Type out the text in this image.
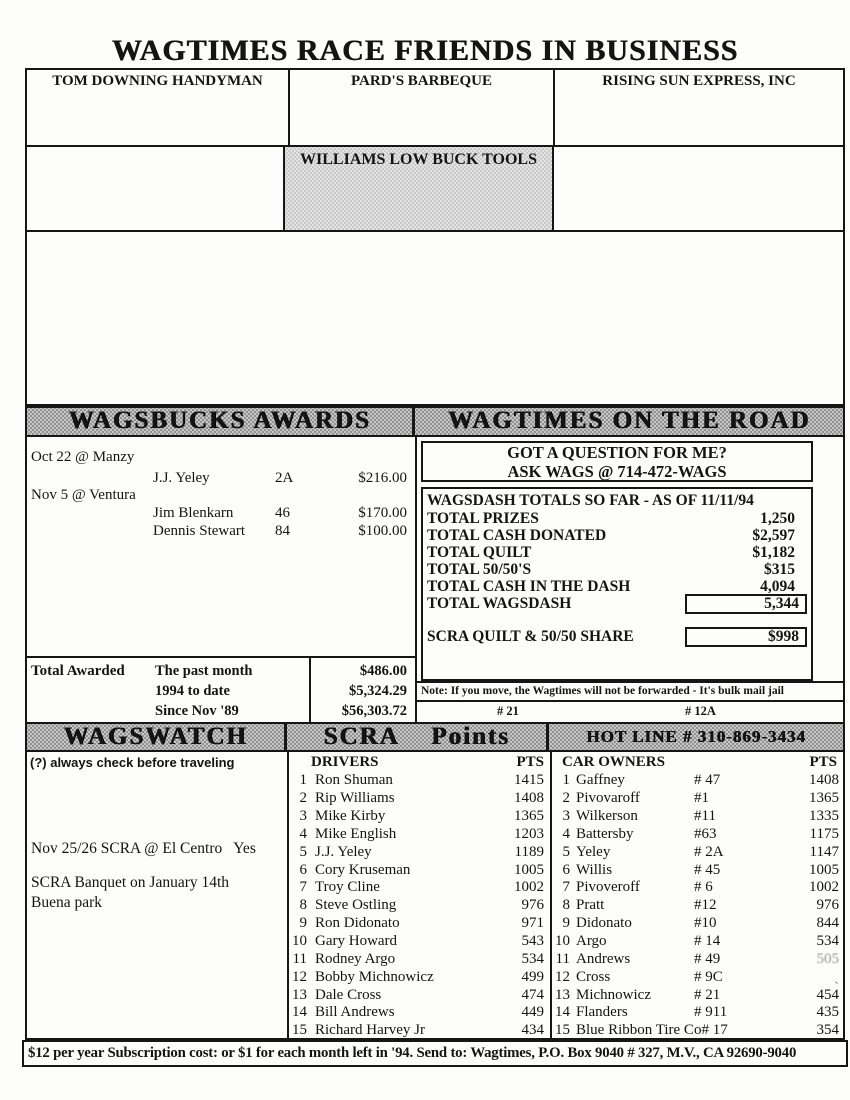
WAGTIMES RACE FRIENDS IN BUSINESS
TOM DOWNING HANDYMAN	PARD'S BARBEQUE	RISING SUN EXPRESS, INC
WILLIAMS LOW BUCK TOOLS
WAGSBUCKS AWARDS	WAGTIMES ON THE ROAD
Oct 22 @ Manzy
J.J. Yeley	2A	$216.00
Nov 5 @ Ventura
Jim Blenkarn	46	$170.00
Dennis Stewart 84	$100.00
Total Awarded The past month	$486.00
1994 to date	$5,324.29
Since Nov '89	$56,303.72
GOT A QUESTION FOR ME?
ASK WAGS @ 714-472-WAGS
WAGSDASH TOTALS SO FAR - AS OF 11/11/94
TOTAL PRIZES	1,250
TOTAL CASH DONATED	$2,597
TOTAL QUILT	$1,182
TOTAL 50/50'S	$315
TOTAL CASH IN THE DASH	4,094
TOTAL WAGSDASH	5,344
SCRA QUILT & 50/50 SHARE	$998
Note: If you move, the Wagtimes will not be forwarded - It's bulk mail jail
# 21	# 12A
WAGSWATCH	SCRA    Points	HOT LINE # 310-869-3434
(?) always check before traveling
Nov 25/26 SCRA @ El Centro   Yes
SCRA Banquet on January 14th
Buena park
DRIVERS	PTS
1 Ron Shuman	1415
2 Rip Williams	1408
3 Mike Kirby	1365
4 Mike English	1203
5 J.J. Yeley	1189
6 Cory Kruseman	1005
7 Troy Cline	1002
8 Steve Ostling	976
9 Ron Didonato	971
10 Gary Howard	543
11 Rodney Argo	534
12 Bobby Michnowicz	499
13 Dale Cross	474
14 Bill Andrews	449
15 Richard Harvey Jr	434
CAR OWNERS	PTS
1 Gaffney	# 47	1408
2 Pivovaroff	#1	1365
3 Wilkerson	#11	1335
4 Battersby	#63	1175
5 Yeley	# 2A	1147
6 Willis	# 45	1005
7 Pivoveroff	# 6	1002
8 Pratt	#12	976
9 Didonato	#10	844
10 Argo	# 14	534
11 Andrews	# 49	505
12 Cross	# 9C
ˎ
13 Michnowicz	# 21	454
14 Flanders	# 911	435
15 Blue Ribbon Tire Co # 17	354
$12 per year Subscription cost: or $1 for each month left in '94. Send to: Wagtimes, P.O. Box 9040 # 327, M.V., CA 92690-9040
